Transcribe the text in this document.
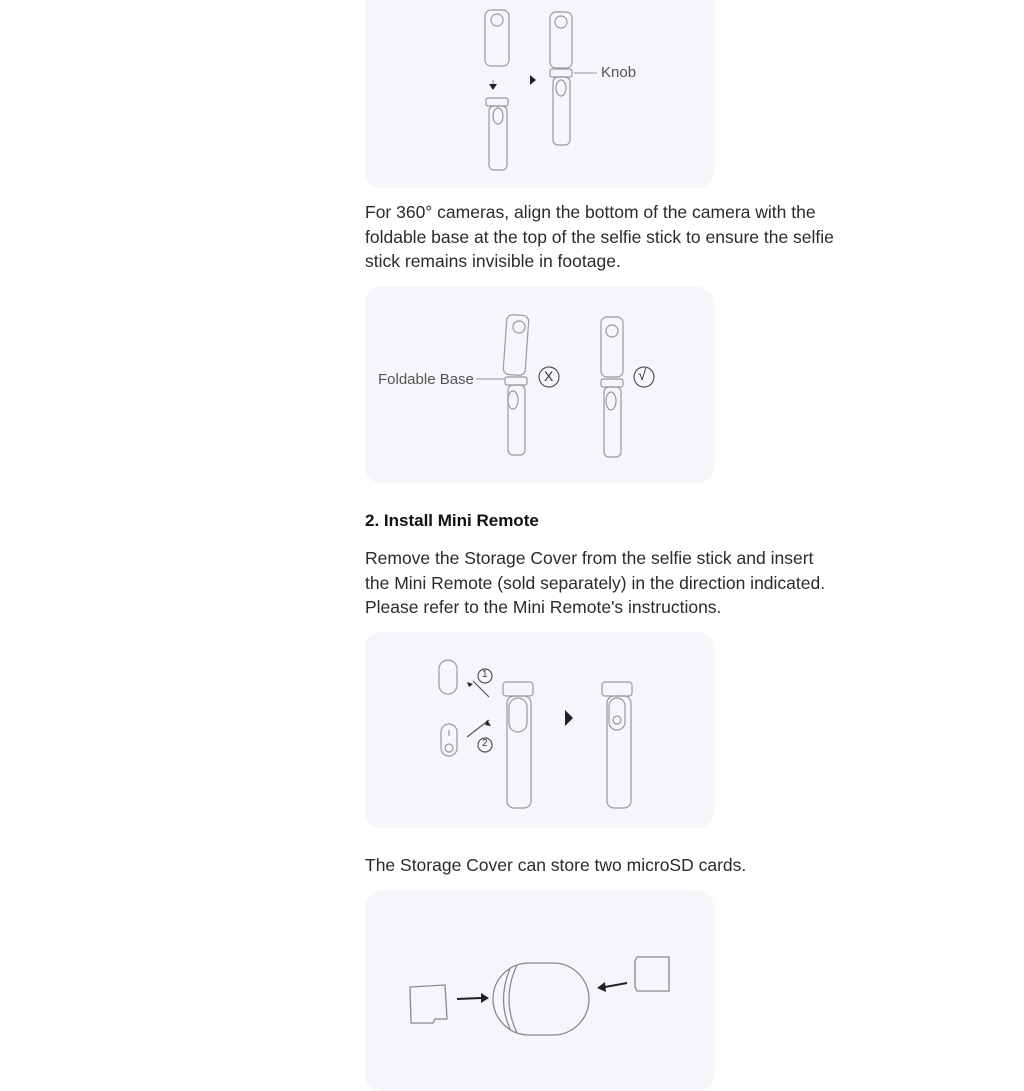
Knob

For 360° cameras, align the bottom of the camera with the foldable base at the top of the selfie stick to ensure the selfie stick remains invisible in footage.

Foldable Base	X	√
2. Install Mini Remote

Remove the Storage Cover from the selfie stick and insert the Mini Remote (sold separately) in the direction indicated. Please refer to the Mini Remote's instructions.

1
2

The Storage Cover can store two microSD cards.
